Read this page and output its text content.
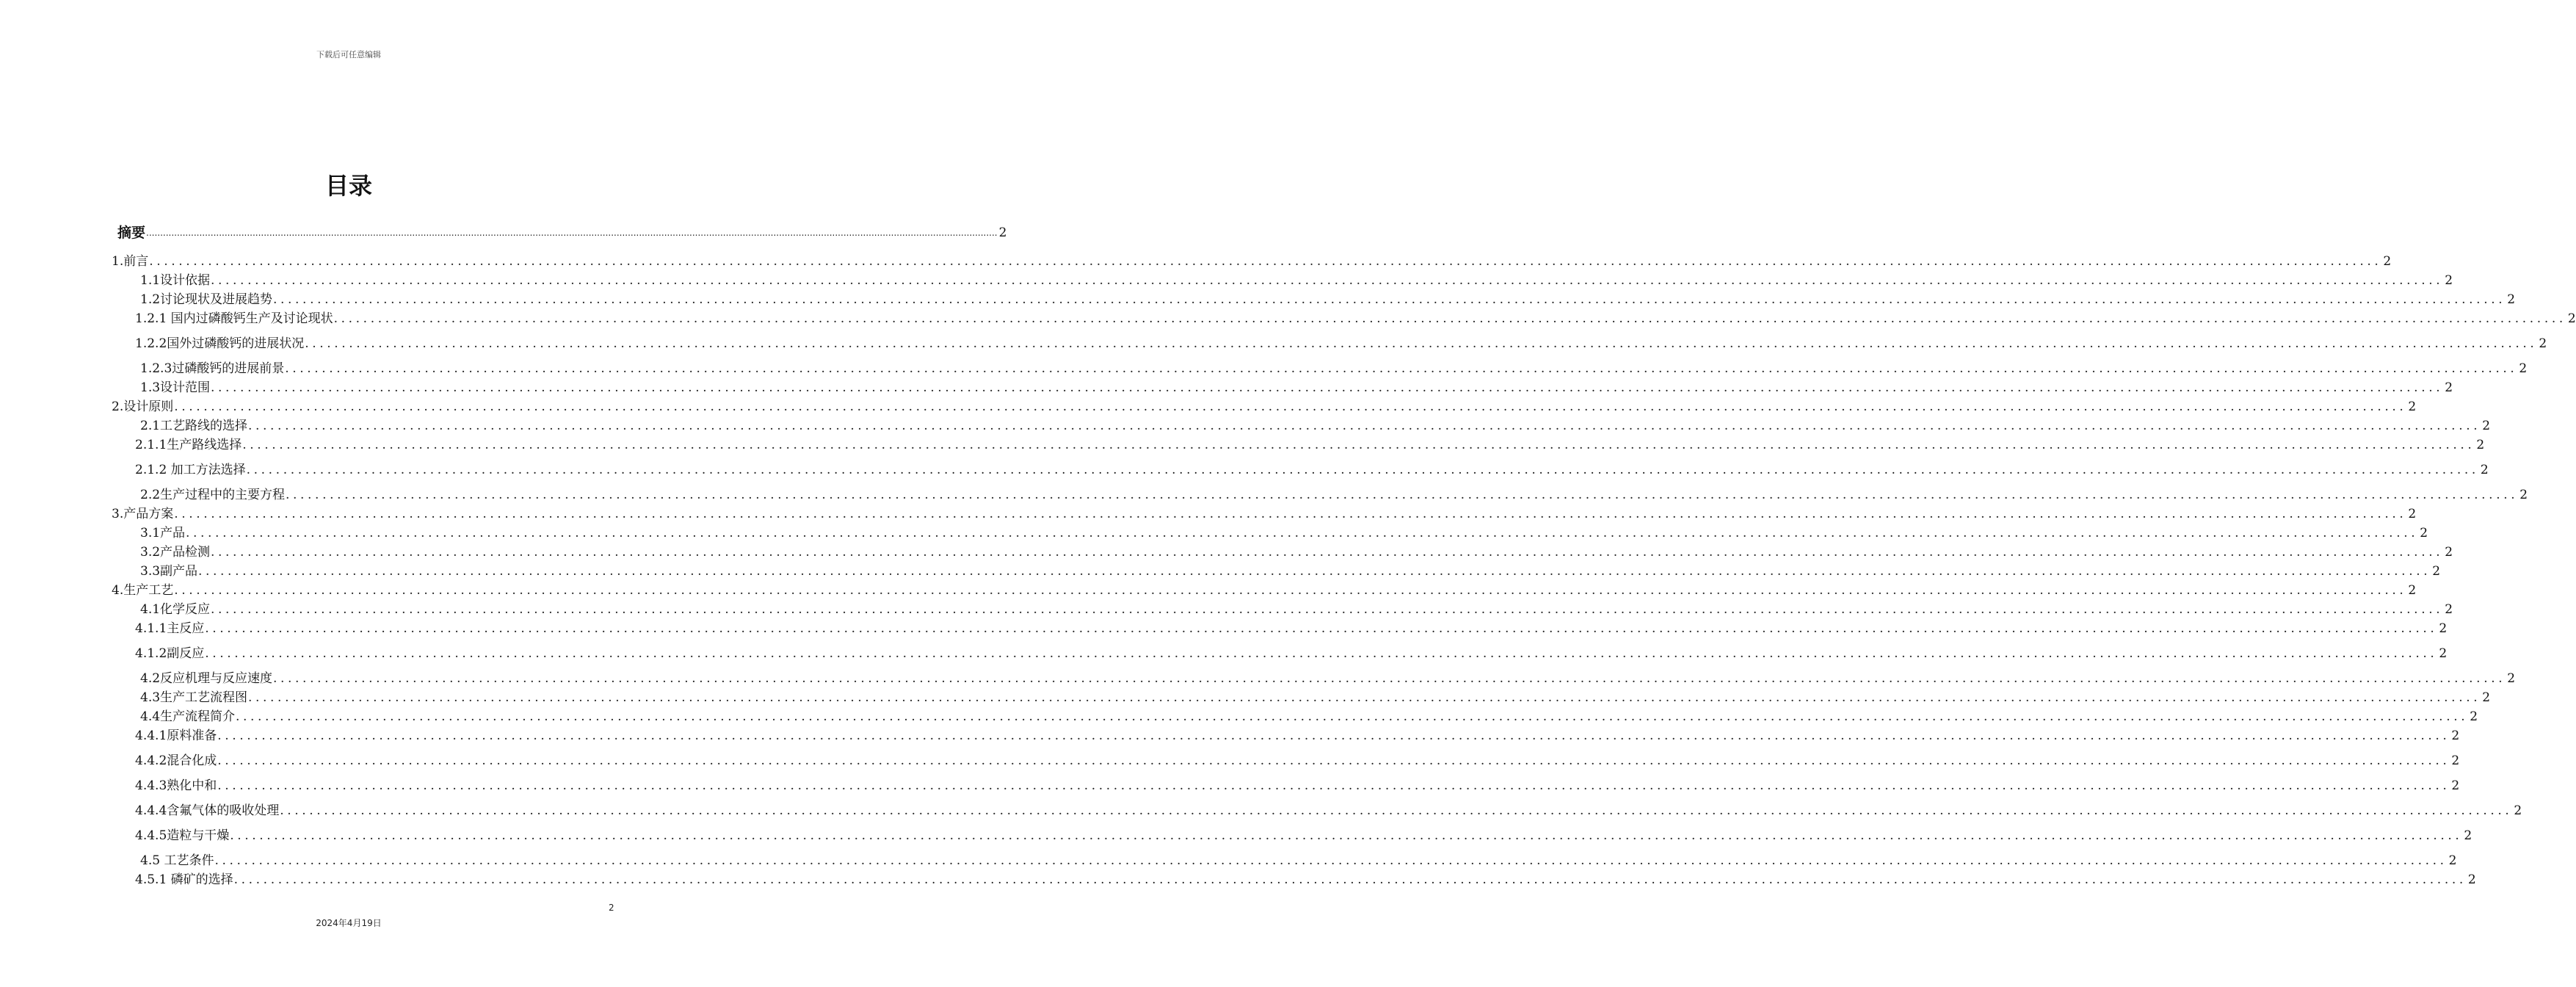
下载后可任意编辑
目录
摘要 ................................................................................................................................................................................................................................................................................................................ 2
1.前言 ................................................................................................................................................................................................................................................................................................................ 2
1.1设计依据 ................................................................................................................................................................................................................................................................................................................ 2
1.2讨论现状及进展趋势 ................................................................................................................................................................................................................................................................................................................ 2
1.2.1 国内过磷酸钙生产及讨论现状 ................................................................................................................................................................................................................................................................................................................ 2
1.2.2国外过磷酸钙的进展状况 ................................................................................................................................................................................................................................................................................................................ 2
1.2.3过磷酸钙的进展前景 ................................................................................................................................................................................................................................................................................................................ 2
1.3设计范围 ................................................................................................................................................................................................................................................................................................................ 2
2.设计原则 ................................................................................................................................................................................................................................................................................................................ 2
2.1工艺路线的选择 ................................................................................................................................................................................................................................................................................................................ 2
2.1.1生产路线选择 ................................................................................................................................................................................................................................................................................................................ 2
2.1.2 加工方法选择 ................................................................................................................................................................................................................................................................................................................ 2
2.2生产过程中的主要方程 ................................................................................................................................................................................................................................................................................................................ 2
3.产品方案 ................................................................................................................................................................................................................................................................................................................ 2
3.1产品 ................................................................................................................................................................................................................................................................................................................ 2
3.2产品检测 ................................................................................................................................................................................................................................................................................................................ 2
3.3副产品 ................................................................................................................................................................................................................................................................................................................ 2
4.生产工艺 ................................................................................................................................................................................................................................................................................................................ 2
4.1化学反应 ................................................................................................................................................................................................................................................................................................................ 2
4.1.1主反应 ................................................................................................................................................................................................................................................................................................................ 2
4.1.2副反应 ................................................................................................................................................................................................................................................................................................................ 2
4.2反应机理与反应速度 ................................................................................................................................................................................................................................................................................................................ 2
4.3生产工艺流程图 ................................................................................................................................................................................................................................................................................................................ 2
4.4生产流程简介 ................................................................................................................................................................................................................................................................................................................ 2
4.4.1原料准备 ................................................................................................................................................................................................................................................................................................................ 2
4.4.2混合化成 ................................................................................................................................................................................................................................................................................................................ 2
4.4.3熟化中和 ................................................................................................................................................................................................................................................................................................................ 2
4.4.4含氟气体的吸收处理 ................................................................................................................................................................................................................................................................................................................ 2
4.4.5造粒与干燥 ................................................................................................................................................................................................................................................................................................................ 2
4.5 工艺条件 ................................................................................................................................................................................................................................................................................................................ 2
4.5.1 磷矿的选择 ................................................................................................................................................................................................................................................................................................................ 2
2
2024年4月19日
